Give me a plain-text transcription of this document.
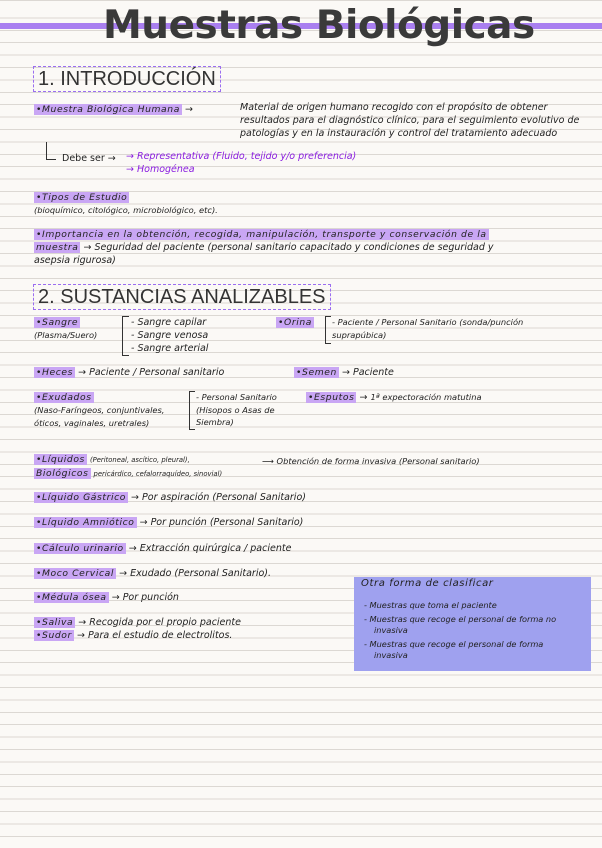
Muestras Biológicas
1. INTRODUCCIÓN
•Muestra Biológica Humana →	Material de origen humano recogido con el propósito de obtener
resultados para el diagnóstico clínico, para el seguimiento evolutivo de
patologías y en la instauración y control del tratamiento adecuado
Debe ser → → Representativa (Fluido, tejido y/o preferencia)
→ Homogénea
•Tipos de Estudio
(bioquímico, citológico, microbiológico, etc).
•Importancia en la obtención, recogida, manipulación, transporte y conservación de la
muestra → Seguridad del paciente (personal sanitario capacitado y condiciones de seguridad y
asepsia rigurosa)
2. SUSTANCIAS ANALIZABLES
•Sangre
(Plasma/Suero)
- Sangre capilar
- Sangre venosa
- Sangre arterial
•Orina - Paciente / Personal Sanitario (sonda/punción
suprapúbica)
•Heces → Paciente / Personal sanitario	•Semen → Paciente
•Exudados
(Naso-Faríngeos, conjuntivales,
óticos, vaginales, uretrales)
- Personal Sanitario
(Hisopos o Asas de
Siembra)
•Esputos → 1ª expectoración matutina
•Líquidos (Peritoneal, ascítico, pleural),
Biológicos pericárdico, cefalorraquídeo, sinovial)
⟶ Obtención de forma invasiva (Personal sanitario)
•Líquido Gástrico → Por aspiración (Personal Sanitario)
•Líquido Amniótico → Por punción (Personal Sanitario)
•Cálculo urinario → Extracción quirúrgica / paciente
•Moco Cervical → Exudado (Personal Sanitario).
•Médula ósea → Por punción
•Saliva → Recogida por el propio paciente
•Sudor → Para el estudio de electrolitos.
Otra forma de clasificar
- Muestras que toma el paciente
- Muestras que recoge el personal de forma no
invasiva
- Muestras que recoge el personal de forma
invasiva
